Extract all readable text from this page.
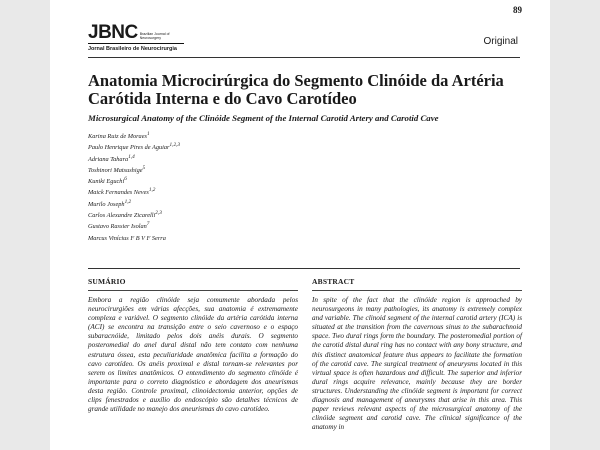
89
JBNC Brazilian Journal of Neurosurgery
Jornal Brasileiro de Neurocirurgia
Original
Anatomia Microcirúrgica do Segmento Clinóide da Artéria Carótida Interna e do Cavo Carotídeo
Microsurgical Anatomy of the Clinóide Segment of the Internal Carotid Artery and Carotid Cave
Karina Ruiz de Moraes$^1$
Paulo Henrique Pires de Aguiar$^{1,2,3}$
Adriana Tahara$^{1,4}$
Toshinori Matsushige$^5$
Kuniki Eguchi$^6$
Maick Fernandes Neves$^{1,2}$
Murilo Joseph$^{1,2}$
Carlos Alexandre Zicarelli$^{2,3}$
Gustavo Rassier Isolan$^7$
Marcus Vinícius F B V F Serra
SUMÁRIO

Embora a região clinóide seja comumente abordada pelos neurocirurgiões em várias afecções, sua anatomia é extremamente complexa e variável. O segmento clinóide da artéria carótida interna (ACI) se encontra na transição entre o seio cavernoso e o espaço subaracnóide, limitado pelos dois anéis durais. O segmento posteromedial do anel dural distal não tem contato com nenhuma estrutura óssea, esta peculiaridade anatômica facilita a formação do cavo carotídeo. Os anéis proximal e distal tornam-se relevantes por serem os limites anatômicos. O entendimento do segmento clinóide é importante para o correto diagnóstico e abordagem dos aneurismas desta região. Controle proximal, clinoidectomia anterior, opções de clips fenestrados e auxílio do endoscópio são detalhes técnicos de grande utilidade no manejo dos aneurismas do cavo carotídeo.

ABSTRACT

In spite of the fact that the clinóide region is approached by neurosurgeons in many pathologies, its anatomy is extremely complex and variable. The clinoid segment of the internal carotid artery (ICA) is situated at the transition from the cavernous sinus to the subarachnoid space. Two dural rings form the boundary. The posteromedial portion of the carotid distal dural ring has no contact with any bony structure, and this distinct anatomical feature thus appears to facilitate the formation of the carotid cave. The surgical treatment of aneurysms located in this virtual space is often hazardous and difficult. The superior and inferior dural rings acquire relevance, mainly because they are border structures. Understanding the clinóide segment is important for correct diagnosis and management of aneurysms that arise in this area. This paper reviews relevant aspects of the microsurgical anatomy of the clinóide segment and carotid cave. The clinical significance of the anatomy in
